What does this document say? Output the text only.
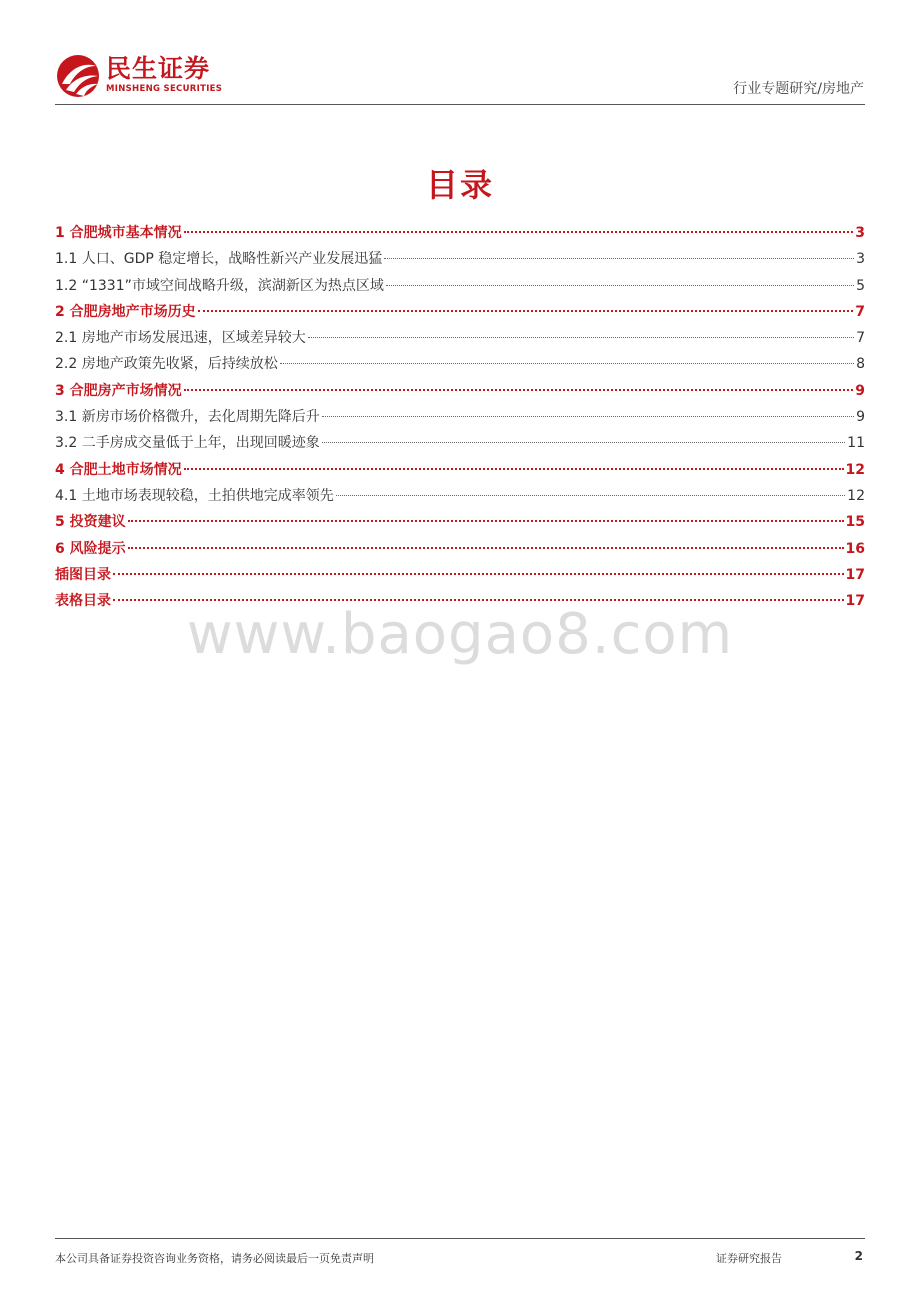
民生证券
MINSHENG SECURITIES	行业专题研究/房地产
目录
1 合肥城市基本情况	3
1.1 人口、GDP 稳定增长，战略性新兴产业发展迅猛	3
1.2 “1331”市域空间战略升级，滨湖新区为热点区域	5
2 合肥房地产市场历史	7
2.1 房地产市场发展迅速，区域差异较大	7
2.2 房地产政策先收紧，后持续放松	8
3 合肥房产市场情况	9
3.1 新房市场价格微升，去化周期先降后升	9
3.2 二手房成交量低于上年，出现回暖迹象	11
4 合肥土地市场情况	12
4.1 土地市场表现较稳，土拍供地完成率领先	12
5 投资建议	15
6 风险提示	16
插图目录	17
表格目录	17
www.baogao8.com
本公司具备证券投资咨询业务资格，请务必阅读最后一页免责声明	证券研究报告	2
